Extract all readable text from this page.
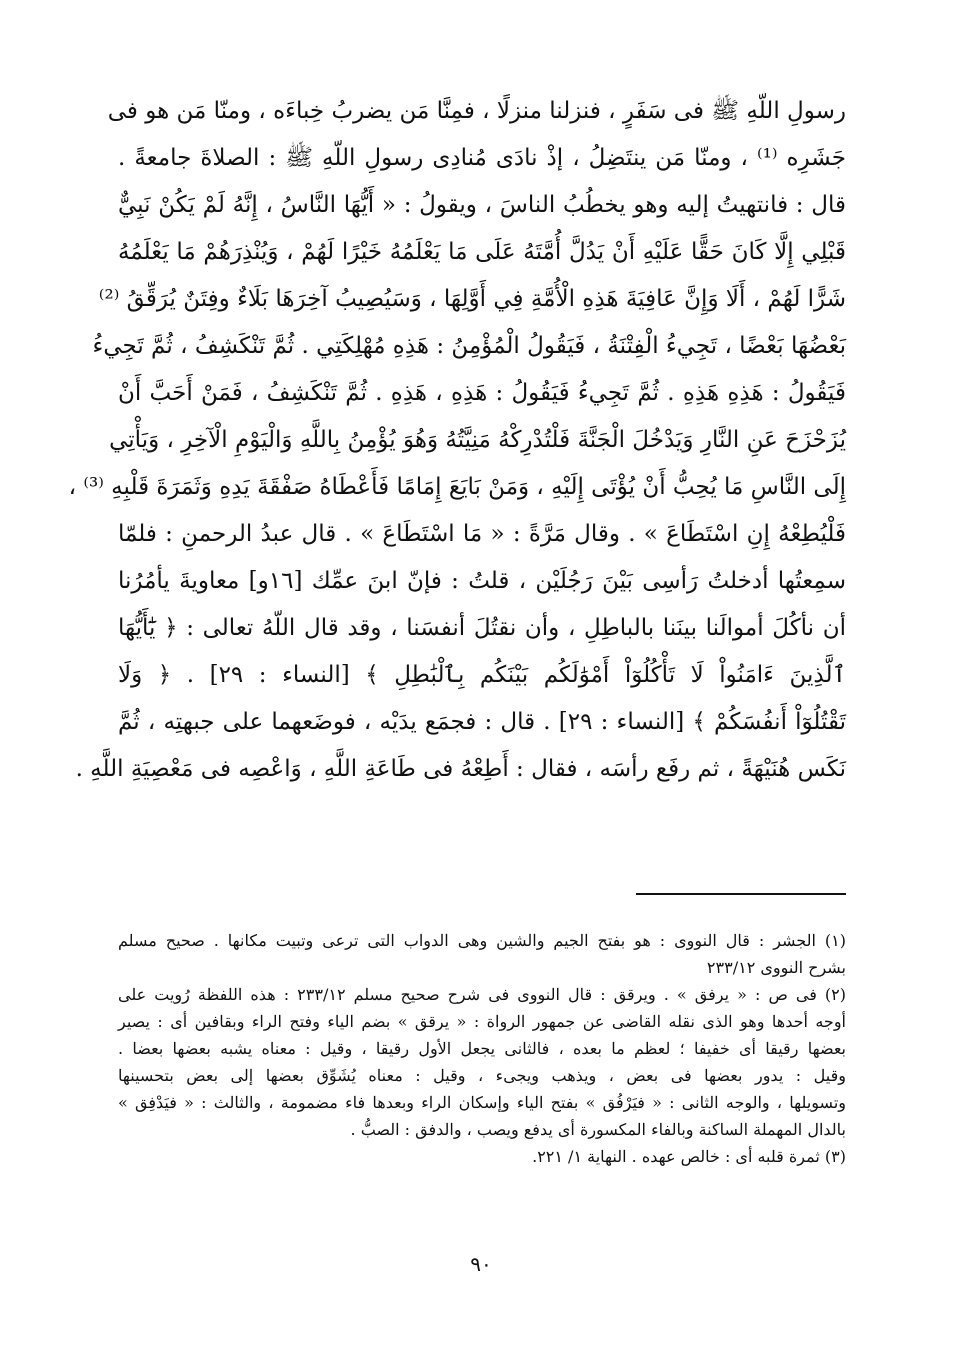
رسولِ اللّهِ ﷺ فى سَفَرٍ ، فنزلنا منزلًا ، فمِنَّا مَن يضربُ خِباءَه ، ومنّا مَن هو فى
جَشَرِه ⁽¹⁾ ، ومنّا مَن ينتَضِلُ ، إذْ نادَى مُنادِى رسولِ اللّهِ ﷺ : الصلاةَ جامعةً .
قال : فانتهيتُ إليه وهو يخطُبُ الناسَ ، ويقولُ : « أَيُّهَا النَّاسُ ، إِنَّهُ لَمْ يَكُنْ نَبِيٌّ
قَبْلِي إِلَّا كَانَ حَقًّا عَلَيْهِ أَنْ يَدُلَّ أُمَّتَهُ عَلَى مَا يَعْلَمُهُ خَيْرًا لَهُمْ ، وَيُنْذِرَهُمْ مَا يَعْلَمُهُ
شَرًّا لَهُمْ ، أَلَا وَإِنَّ عَافِيَةَ هَذِهِ الْأُمَّةِ فِي أَوَّلِهَا ، وَسَيُصِيبُ آخِرَهَا بَلَاءٌ وفِتَنٌ يُرَقِّقُ ⁽²⁾
بَعْضُهَا بَعْضًا ، تَجِيءُ الْفِتْنَةُ ، فَيَقُولُ الْمُؤْمِنُ : هَذِهِ مُهْلِكَتِي . ثُمَّ تَنْكَشِفُ ، ثُمَّ تَجِيءُ
فَيَقُولُ : هَذِهِ هَذِهِ . ثُمَّ تَجِيءُ فَيَقُولُ : هَذِهِ ، هَذِهِ . ثُمَّ تَنْكَشِفُ ، فَمَنْ أَحَبَّ أَنْ
يُزَحْزَحَ عَنِ النَّارِ وَيَدْخُلَ الْجَنَّةَ فَلْتُدْرِكْهُ مَنِيَّتُهُ وَهُوَ يُؤْمِنُ بِاللَّهِ وَالْيَوْمِ الْآخِرِ ، وَيَأْتِي
إِلَى النَّاسِ مَا يُحِبُّ أَنْ يُؤْتَى إِلَيْهِ ، وَمَنْ بَايَعَ إِمَامًا فَأَعْطَاهُ صَفْقَةَ يَدِهِ وَثَمَرَةَ قَلْبِهِ ⁽³⁾ ،
فَلْيُطِعْهُ إِنِ اسْتَطَاعَ » . وقال مَرَّةً : « مَا اسْتَطَاعَ » . قال عبدُ الرحمنِ : فلمّا
سمِعتُها أدخلتُ رَأسِى بَيْنَ رَجُلَيْن ، قلتُ : فإنّ ابنَ عمِّك [١٦و] معاويةَ يأمُرُنا
أن نأكُلَ أموالَنا بينَنا بالباطِلِ ، وأن نقتُلَ أنفسَنا ، وقد قال اللّهُ تعالى : ﴿ يَٰٓأَيُّهَا
ٱلَّذِينَ ءَامَنُواْ لَا تَأْكُلُوٓاْ أَمْوَٰلَكُم بَيْنَكُم بِٱلْبَٰطِلِ ﴾ [النساء : ٢٩] . ﴿ وَلَا
تَقْتُلُوٓاْ أَنفُسَكُمْ ﴾ [النساء : ٢٩] . قال : فجمَع يدَيْه ، فوضَعهما على جبهتِه ، ثُمَّ
نَكَس هُنَيْهَةً ، ثم رفَع رأسَه ، فقال : أَطِعْهُ فى طَاعَةِ اللَّهِ ، وَاعْصِه فى مَعْصِيَةِ اللَّهِ .
(١) الجشر : قال النووى : هو بفتح الجيم والشين وهى الدواب التى ترعى وتبيت مكانها . صحيح مسلم
بشرح النووى ٢٣٣/١٢
(٢) فى ص : « يرفق » . ويرقق : قال النووى فى شرح صحيح مسلم ٢٣٣/١٢ : هذه اللفظة رُويت على
أوجه أحدها وهو الذى نقله القاضى عن جمهور الرواة : « يرقق » بضم الياء وفتح الراء وبقافين أى : يصير
بعضها رقيقا أى خفيفا ؛ لعظم ما بعده ، فالثانى يجعل الأول رقيقا ، وقيل : معناه يشبه بعضها بعضا .
وقيل : يدور بعضها فى بعض ، ويذهب ويجىء ، وقيل : معناه يُشَوِّق بعضها إلى بعض بتحسينها
وتسويلها ، والوجه الثانى : « فيَرْفُق » بفتح الياء وإسكان الراء وبعدها فاء مضمومة ، والثالث : « فيَدْفِق »
بالدال المهملة الساكنة وبالفاء المكسورة أى يدفع ويصب ، والدفق : الصبُّ .
(٣) ثمرة قلبه أى : خالص عهده . النهاية ١/ ٢٢١.
٩٠
